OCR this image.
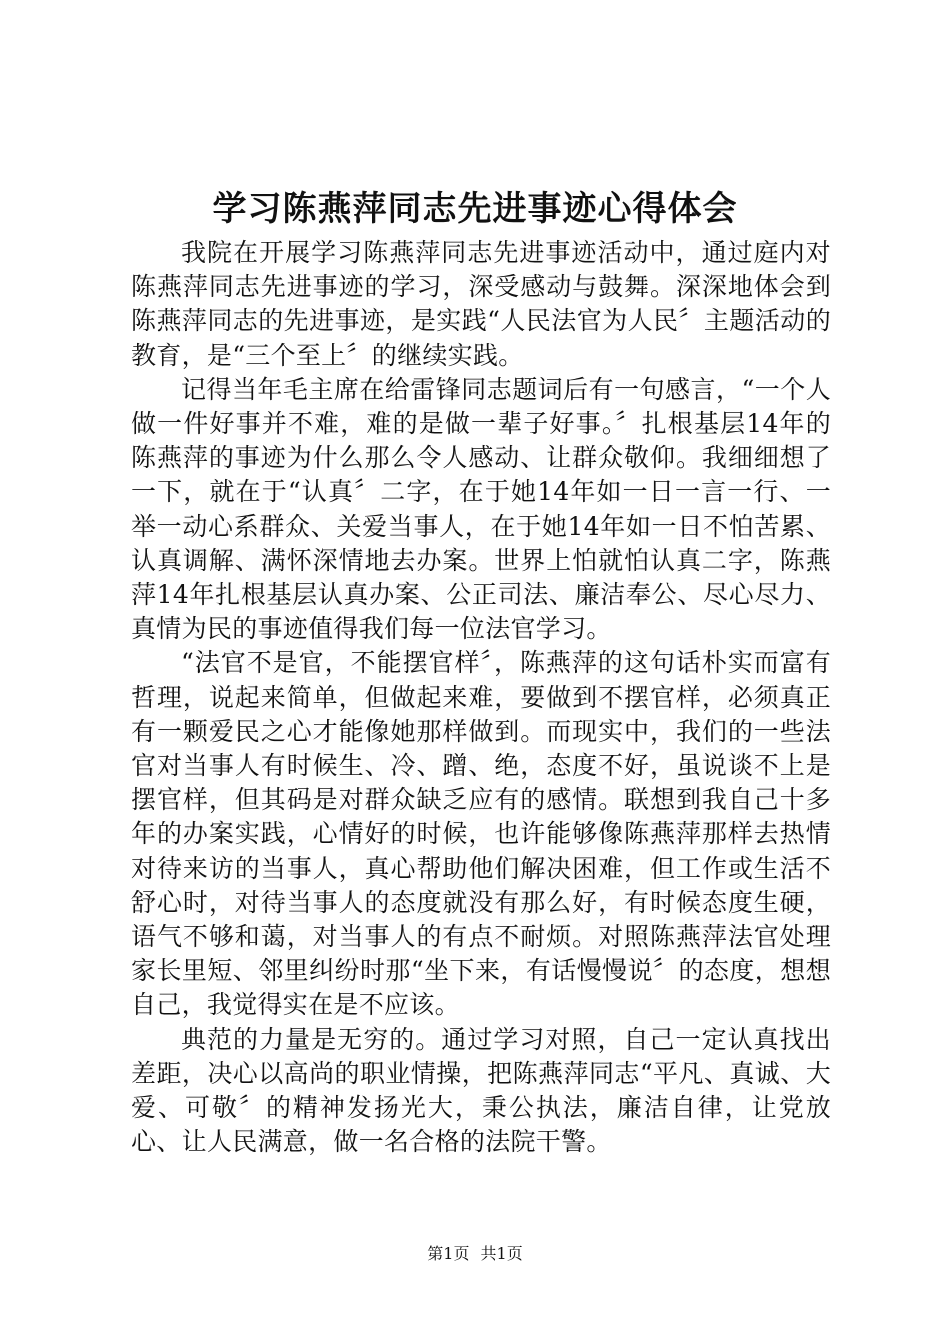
学习陈燕萍同志先进事迹心得体会

我院在开展学习陈燕萍同志先进事迹活动中，通过庭内对陈燕萍同志先进事迹的学习，深受感动与鼓舞。深深地体会到陈燕萍同志的先进事迹，是实践“人民法官为人民〞主题活动的教育，是“三个至上〞的继续实践。

记得当年毛主席在给雷锋同志题词后有一句感言，“一个人做一件好事并不难，难的是做一辈子好事。〞扎根基层14年的陈燕萍的事迹为什么那么令人感动、让群众敬仰。我细细想了一下，就在于“认真〞二字，在于她14年如一日一言一行、一举一动心系群众、关爱当事人，在于她14年如一日不怕苦累、认真调解、满怀深情地去办案。世界上怕就怕认真二字，陈燕萍14年扎根基层认真办案、公正司法、廉洁奉公、尽心尽力、真情为民的事迹值得我们每一位法官学习。

“法官不是官，不能摆官样〞，陈燕萍的这句话朴实而富有哲理，说起来简单，但做起来难，要做到不摆官样，必须真正有一颗爱民之心才能像她那样做到。而现实中，我们的一些法官对当事人有时候生、冷、蹭、绝，态度不好，虽说谈不上是摆官样，但其码是对群众缺乏应有的感情。联想到我自己十多年的办案实践，心情好的时候，也许能够像陈燕萍那样去热情对待来访的当事人，真心帮助他们解决困难，但工作或生活不舒心时，对待当事人的态度就没有那么好，有时候态度生硬，语气不够和蔼，对当事人的有点不耐烦。对照陈燕萍法官处理家长里短、邻里纠纷时那“坐下来，有话慢慢说〞的态度，想想自己，我觉得实在是不应该。

典范的力量是无穷的。通过学习对照，自己一定认真找出差距，决心以高尚的职业情操，把陈燕萍同志“平凡、真诚、大爱、可敬〞的精神发扬光大，秉公执法，廉洁自律，让党放心、让人民满意，做一名合格的法院干警。

第1页 共1页
